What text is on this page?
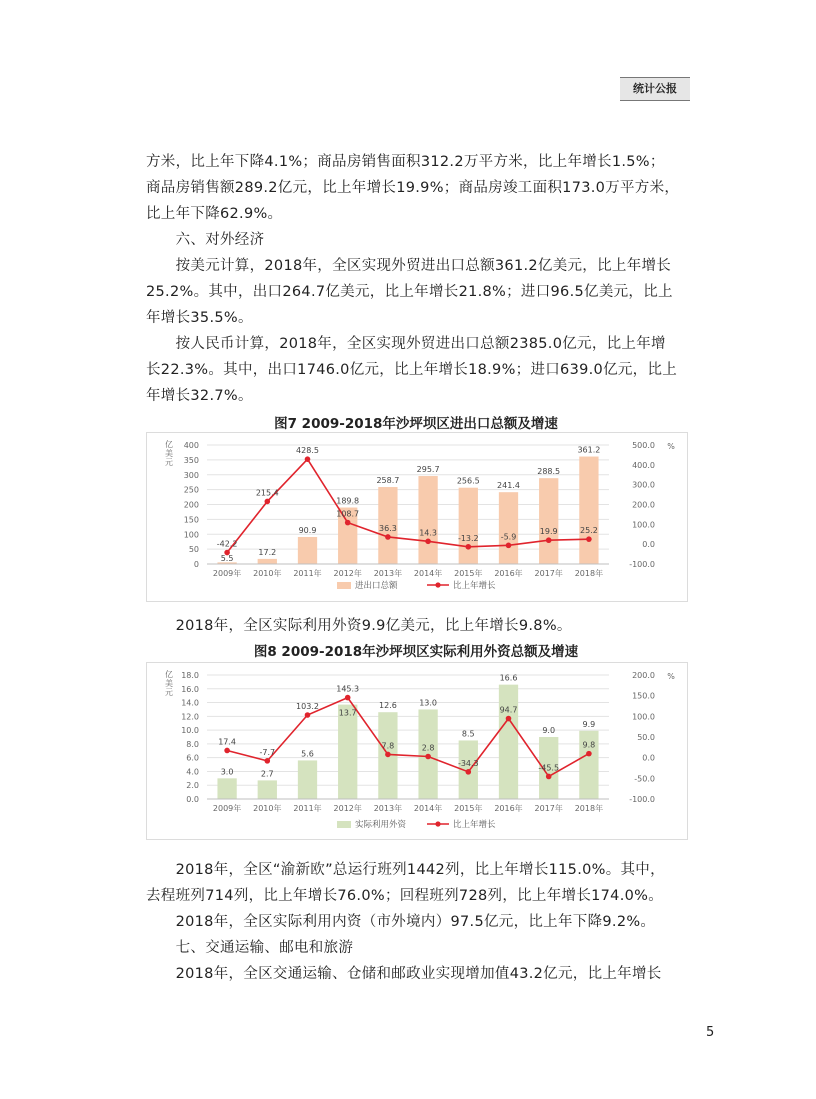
统计公报

方米，比上年下降4.1%；商品房销售面积312.2万平方米，比上年增长1.5%；

商品房销售额289.2亿元，比上年增长19.9%；商品房竣工面积173.0万平方米，

比上年下降62.9%。

　　六、对外经济

　　按美元计算，2018年，全区实现外贸进出口总额361.2亿美元，比上年增长

25.2%。其中，出口264.7亿美元，比上年增长21.8%；进口96.5亿美元，比上

年增长35.5%。

　　按人民币计算，2018年，全区实现外贸进出口总额2385.0亿元，比上年增

长22.3%。其中，出口1746.0亿元，比上年增长18.9%；进口639.0亿元，比上

年增长32.7%。

图7 2009-2018年沙坪坝区进出口总额及增速

0
50
100
150
200
250
300
350
400
-100.0
0.0
100.0
200.0
300.0
400.0
500.0
亿
美
元
%
5.5
17.2
90.9
189.8
258.7
295.7
256.5 241.4
288.5
361.2
-42.2
215.4
428.5
108.7
36.3	14.3
-13.2	-5.9
19.9	25.2
2009年 2010年 2011年 2012年 2013年 2014年 2015年 2016年 2017年 2018年
进出口总额	比上年增长

　　2018年，全区实际利用外资9.9亿美元，比上年增长9.8%。

图8 2009-2018年沙坪坝区实际利用外资总额及增速

0.0
2.0
4.0
6.0
8.0
10.0
12.0
14.0
16.0
18.0
-100.0
-50.0
0.0
50.0
100.0
150.0
200.0
亿
美
元
%
3.0	2.7
5.6
13.7
12.6	13.0
8.5
16.6
9.0
9.9
17.4
-7.7
103.2
145.3
7.8	2.8
-34.3
94.7
-45.5
9.8
2009年 2010年 2011年 2012年 2013年 2014年 2015年 2016年 2017年 2018年
实际利用外资	比上年增长

　　2018年，全区“渝新欧”总运行班列1442列，比上年增长115.0%。其中，

去程班列714列，比上年增长76.0%；回程班列728列，比上年增长174.0%。

　　2018年，全区实际利用内资（市外境内）97.5亿元，比上年下降9.2%。

　　七、交通运输、邮电和旅游

　　2018年，全区交通运输、仓储和邮政业实现增加值43.2亿元，比上年增长

5
